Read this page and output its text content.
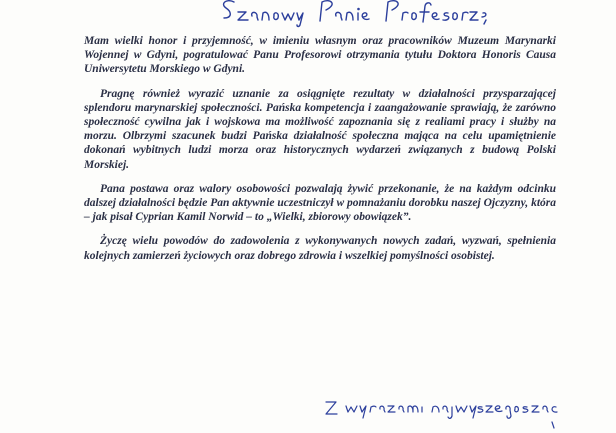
Mam wielki honor i przyjemność, w imieniu własnym oraz pracowników Muzeum Marynarki Wojennej w Gdyni, pogratulować Panu Profesorowi otrzymania tytułu Doktora Honoris Causa Uniwersytetu Morskiego w Gdyni.

Pragnę również wyrazić uznanie za osiągnięte rezultaty w działalności przysparzającej splendoru marynarskiej społeczności. Pańska kompetencja i zaangażowanie sprawiają, że zarówno społeczność cywilna jak i wojskowa ma możliwość zapoznania się z realiami pracy i służby na morzu. Olbrzymi szacunek budzi Pańska działalność społeczna mająca na celu upamiętnienie dokonań wybitnych ludzi morza oraz historycznych wydarzeń związanych z budową Polski Morskiej.

Pana postawa oraz walory osobowości pozwalają żywić przekonanie, że na każdym odcinku dalszej działalności będzie Pan aktywnie uczestniczył w pomnażaniu dorobku naszej Ojczyzny, która – jak pisał Cyprian Kamil Norwid – to „Wielki, zbiorowy obowiązek”.

Życzę wielu powodów do zadowolenia z wykonywanych nowych zadań, wyzwań, spełnienia kolejnych zamierzeń życiowych oraz dobrego zdrowia i wszelkiej pomyślności osobistej.
